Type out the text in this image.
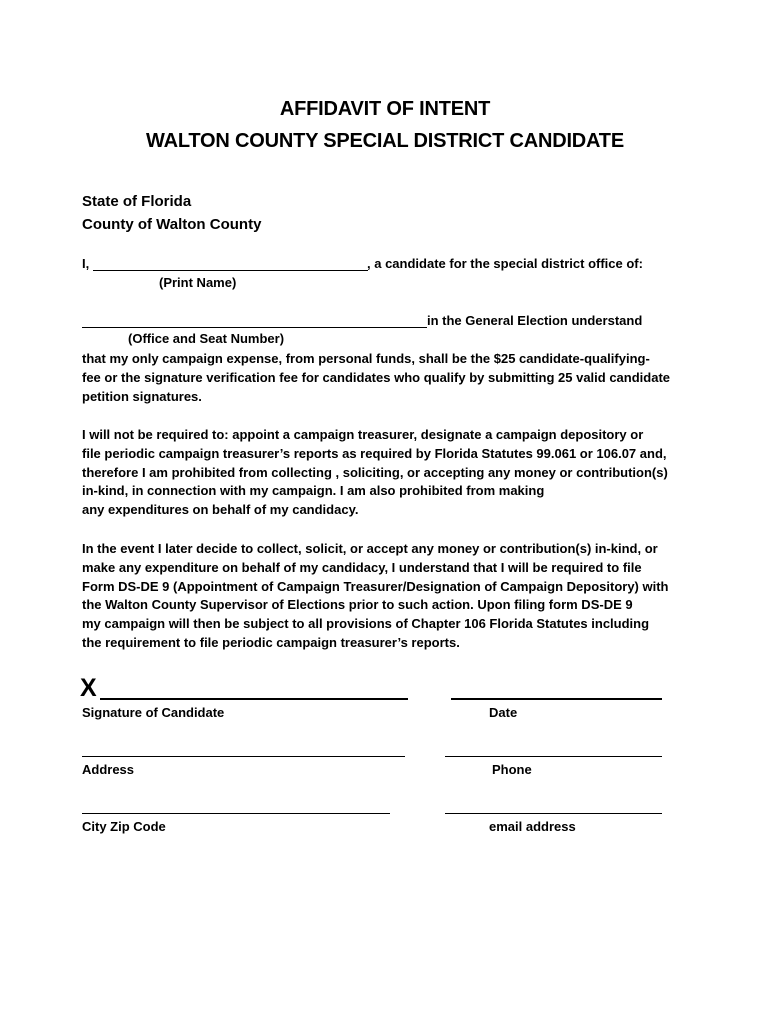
AFFIDAVIT OF INTENT
WALTON COUNTY SPECIAL DISTRICT CANDIDATE
State of Florida
County of Walton County
I,	, a candidate for the special district office of:
(Print Name)
in the General Election understand
(Office and Seat Number)
that my only campaign expense, from personal funds, shall be the $25 candidate-qualifying-
fee or the signature verification fee for candidates who qualify by submitting 25 valid candidate
petition signatures.
I will not be required to: appoint a campaign treasurer, designate a campaign depository or
file periodic campaign treasurer’s reports as required by Florida Statutes 99.061 or 106.07 and,
therefore I am prohibited from collecting , soliciting, or accepting any money or contribution(s)
in-kind, in connection with my campaign. I am also prohibited from making
any expenditures on behalf of my candidacy.
In the event I later decide to collect, solicit, or accept any money or contribution(s) in-kind, or
make any expenditure on behalf of my candidacy, I understand that I will be required to file
Form DS-DE 9 (Appointment of Campaign Treasurer/Designation of Campaign Depository) with
the Walton County Supervisor of Elections prior to such action. Upon filing form DS-DE 9
my campaign will then be subject to all provisions of Chapter 106 Florida Statutes including
the requirement to file periodic campaign treasurer’s reports.
X
Signature of Candidate	Date
Address	Phone
City Zip Code	email address
